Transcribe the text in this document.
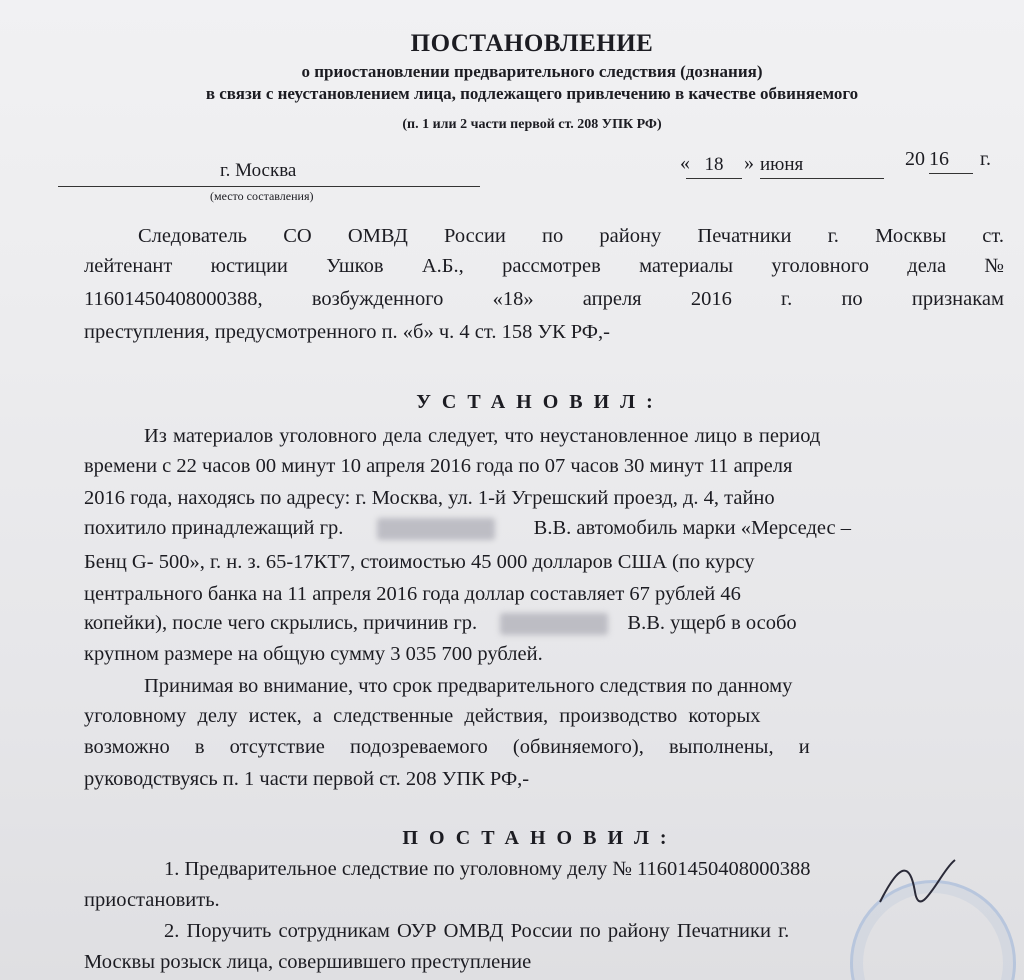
ПОСТАНОВЛЕНИЕ
о приостановлении предварительного следствия (дознания)
в связи с неустановлением лица, подлежащего привлечению в качестве обвиняемого
(п. 1 или 2 части первой ст. 208 УПК РФ)
г. Москва
(место составления)
« 18	» июня	20 16	г.
Следователь СО ОМВД России по району Печатники г. Москвы ст.
лейтенант юстиции Ушков А.Б., рассмотрев материалы уголовного дела №
11601450408000388, возбужденного «18» апреля 2016 г. по признакам
преступления, предусмотренного п. «б» ч. 4 ст. 158 УК РФ,-
УСТАНОВИЛ:
Из материалов уголовного дела следует, что неустановленное лицо в период
времени с 22 часов 00 минут 10 апреля 2016 года по 07 часов 30 минут 11 апреля
2016 года, находясь по адресу: г. Москва, ул. 1-й Угрешский проезд, д. 4, тайно
похитило принадлежащий гр.	В.В. автомобиль марки «Мерседес –
Бенц G- 500», г. н. з. 65-17КТ7, стоимостью 45 000 долларов США (по курсу
центрального банка на 11 апреля 2016 года доллар составляет 67 рублей 46
копейки), после чего скрылись, причинив гр.	В.В. ущерб в особо
крупном размере на общую сумму 3 035 700 рублей.
Принимая во внимание, что срок предварительного следствия по данному
уголовному делу истек, а следственные действия, производство которых
возможно в отсутствие подозреваемого (обвиняемого), выполнены, и
руководствуясь п. 1 части первой ст. 208 УПК РФ,-
ПОСТАНОВИЛ:
1. Предварительное следствие по уголовному делу № 11601450408000388
приостановить.
2. Поручить сотрудникам ОУР ОМВД России по району Печатники г.
Москвы розыск лица, совершившего преступление
